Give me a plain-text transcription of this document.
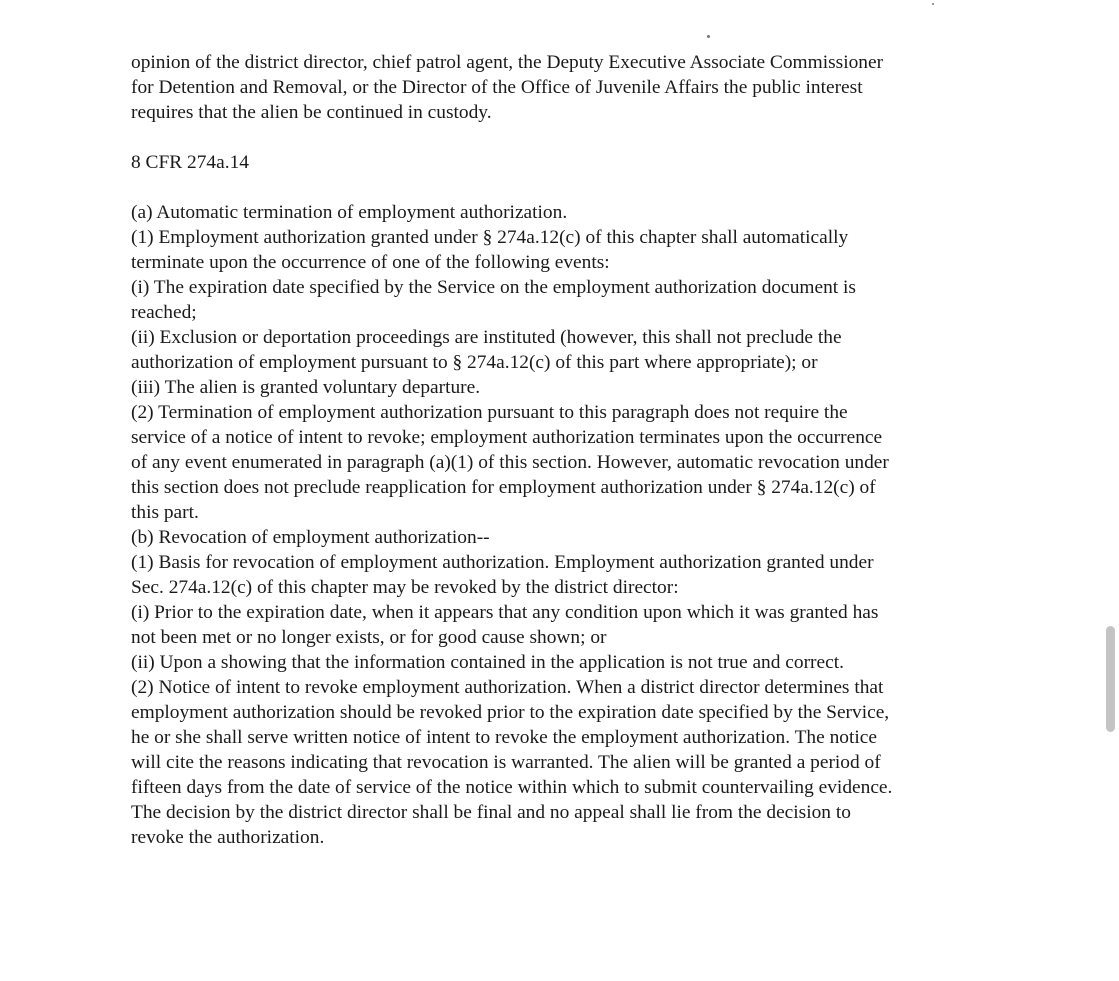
opinion of the district director, chief patrol agent, the Deputy Executive Associate Commissioner
for Detention and Removal, or the Director of the Office of Juvenile Affairs the public interest
requires that the alien be continued in custody.
8 CFR 274a.14
(a) Automatic termination of employment authorization.
(1) Employment authorization granted under § 274a.12(c) of this chapter shall automatically
terminate upon the occurrence of one of the following events:
(i) The expiration date specified by the Service on the employment authorization document is
reached;
(ii) Exclusion or deportation proceedings are instituted (however, this shall not preclude the
authorization of employment pursuant to § 274a.12(c) of this part where appropriate); or
(iii) The alien is granted voluntary departure.
(2) Termination of employment authorization pursuant to this paragraph does not require the
service of a notice of intent to revoke; employment authorization terminates upon the occurrence
of any event enumerated in paragraph (a)(1) of this section. However, automatic revocation under
this section does not preclude reapplication for employment authorization under § 274a.12(c) of
this part.
(b) Revocation of employment authorization--
(1) Basis for revocation of employment authorization. Employment authorization granted under
Sec. 274a.12(c) of this chapter may be revoked by the district director:
(i) Prior to the expiration date, when it appears that any condition upon which it was granted has
not been met or no longer exists, or for good cause shown; or
(ii) Upon a showing that the information contained in the application is not true and correct.
(2) Notice of intent to revoke employment authorization. When a district director determines that
employment authorization should be revoked prior to the expiration date specified by the Service,
he or she shall serve written notice of intent to revoke the employment authorization. The notice
will cite the reasons indicating that revocation is warranted. The alien will be granted a period of
fifteen days from the date of service of the notice within which to submit countervailing evidence.
The decision by the district director shall be final and no appeal shall lie from the decision to
revoke the authorization.
